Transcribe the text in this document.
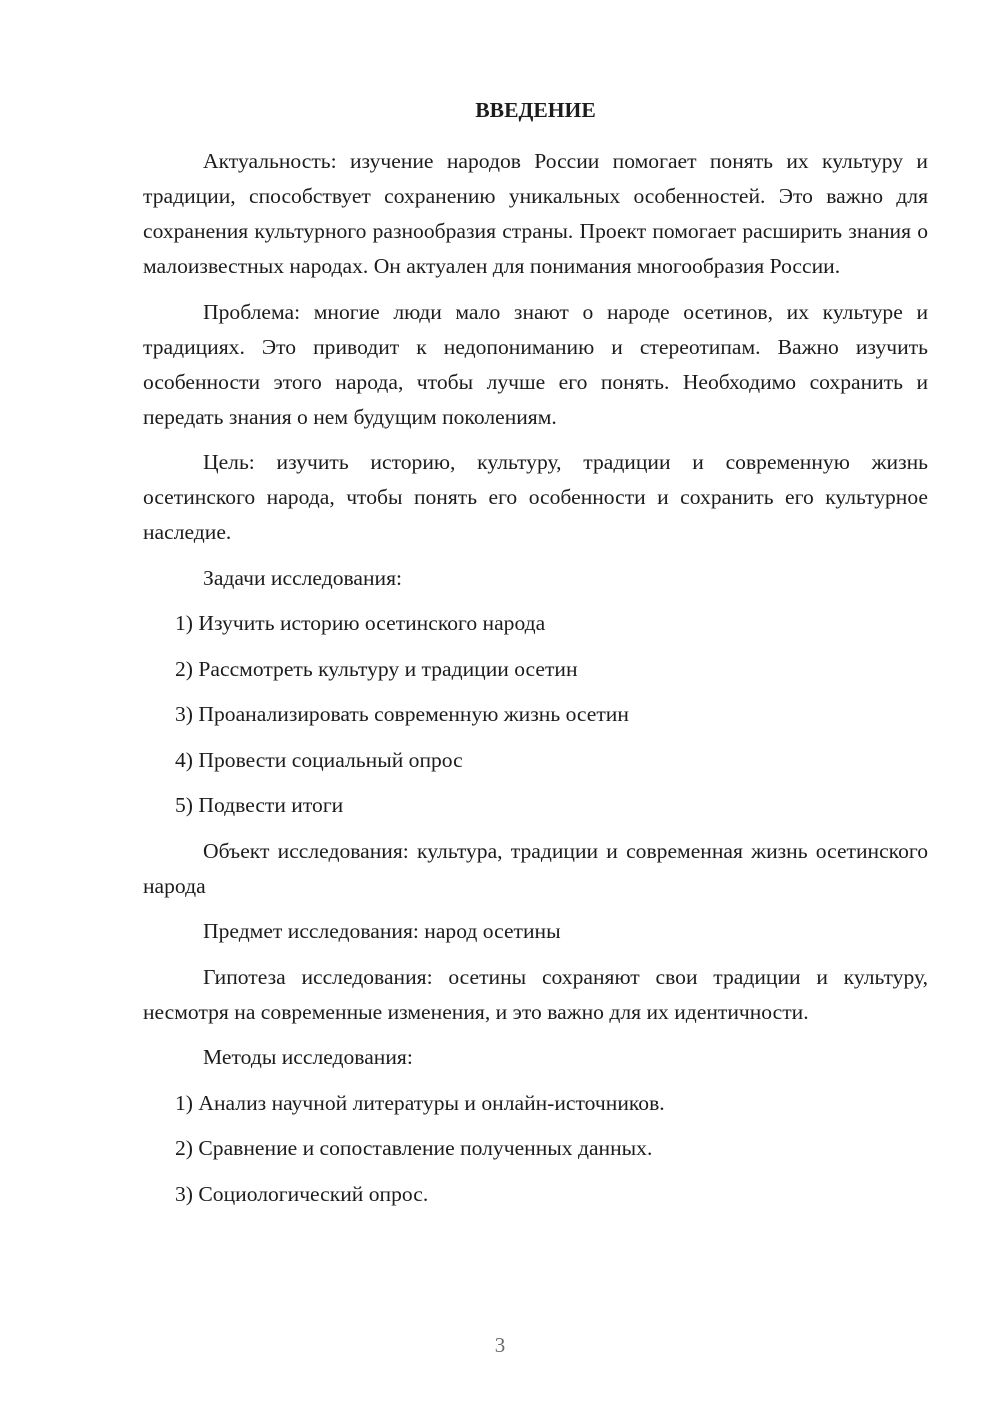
ВВЕДЕНИЕ

Актуальность: изучение народов России помогает понять их культуру и традиции, способствует сохранению уникальных особенностей. Это важно для сохранения культурного разнообразия страны. Проект помогает расширить знания о малоизвестных народах. Он актуален для понимания многообразия России.

Проблема: многие люди мало знают о народе осетинов, их культуре и традициях. Это приводит к недопониманию и стереотипам. Важно изучить особенности этого народа, чтобы лучше его понять. Необходимо сохранить и передать знания о нем будущим поколениям.

Цель: изучить историю, культуру, традиции и современную жизнь осетинского народа, чтобы понять его особенности и сохранить его культурное наследие.

Задачи исследования:

1) Изучить историю осетинского народа

2) Рассмотреть культуру и традиции осетин

3) Проанализировать современную жизнь осетин

4) Провести социальный опрос

5) Подвести итоги

Объект исследования: культура, традиции и современная жизнь осетинского народа

Предмет исследования: народ осетины

Гипотеза исследования: осетины сохраняют свои традиции и культуру, несмотря на современные изменения, и это важно для их идентичности.

Методы исследования:

1) Анализ научной литературы и онлайн-источников.

2) Сравнение и сопоставление полученных данных.

3) Социологический опрос.

3
